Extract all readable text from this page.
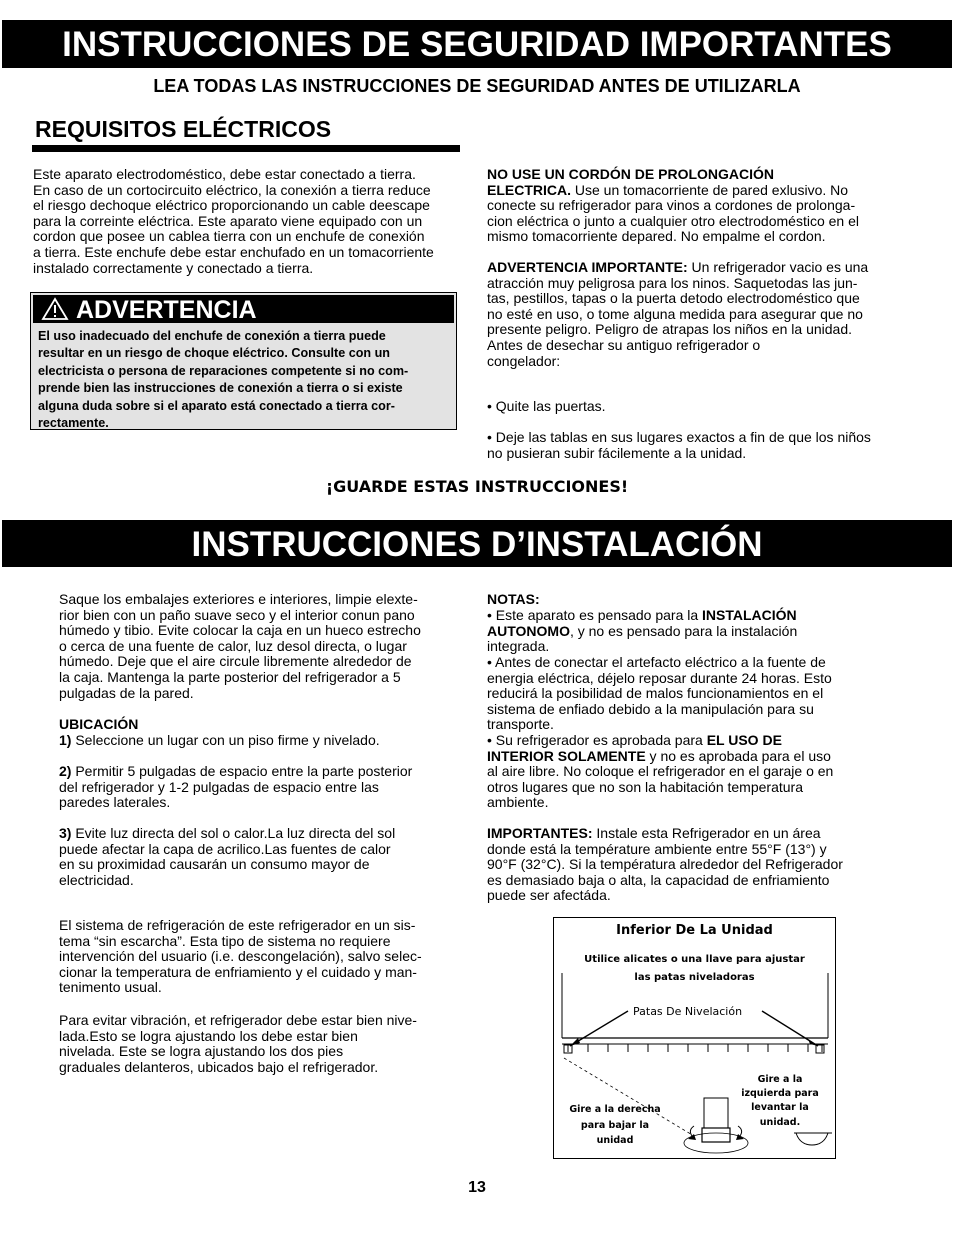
INSTRUCCIONES DE SEGURIDAD IMPORTANTES
LEA TODAS LAS INSTRUCCIONES DE SEGURIDAD ANTES DE UTILIZARLA
REQUISITOS ELÉCTRICOS
Este aparato electrodoméstico, debe estar conectado a tierra.
En caso de un cortocircuito eléctrico, la conexión a tierra reduce
el riesgo dechoque eléctrico proporcionando un cable deescape
para la correinte eléctrica. Este aparato viene equipado con un
cordon que posee un cablea tierra con un enchufe de conexión
a tierra. Este enchufe debe estar enchufado en un tomacorriente
instalado correctamente y conectado a tierra.
ADVERTENCIA
El uso inadecuado del enchufe de conexión a tierra puede
resultar en un riesgo de choque eléctrico. Consulte con un
electricista o persona de reparaciones competente si no com-
prende bien las instrucciones de conexión a tierra o si existe
alguna duda sobre si el aparato está conectado a tierra cor-
rectamente.
NO USE UN CORDÓN DE PROLONGACIÓN
ELECTRICA. Use un tomacorriente de pared exlusivo. No
conecte su refrigerador para vinos a cordones de prolonga-
cion eléctrica o junto a cualquier otro electrodoméstico en el
mismo tomacorriente depared. No empalme el cordon.
ADVERTENCIA IMPORTANTE: Un refrigerador vacio es una
atracción muy peligrosa para los ninos. Saquetodas las jun-
tas, pestillos, tapas o la puerta detodo electrodoméstico que
no esté en uso, o tome alguna medida para asegurar que no
presente peligro. Peligro de atrapas los niños en la unidad.
Antes de desechar su antiguo refrigerador o
congelador:
• Quite las puertas.
• Deje las tablas en sus lugares exactos a fin de que los niños
no pusieran subir fácilemente a la unidad.
¡GUARDE ESTAS INSTRUCCIONES!
INSTRUCCIONES D’INSTALACIÓN
Saque los embalajes exteriores e interiores, limpie elexte-
rior bien con un paño suave seco y el interior conun pano
húmedo y tibio. Evite colocar la caja en un hueco estrecho
o cerca de una fuente de calor, luz desol directa, o lugar
húmedo. Deje que el aire circule libremente alrededor de
la caja. Mantenga la parte posterior del refrigerador a 5
pulgadas de la pared.
UBICACIÓN
1) Seleccione un lugar con un piso firme y nivelado.
2) Permitir 5 pulgadas de espacio entre la parte posterior
del refrigerador y 1-2 pulgadas de espacio entre las
paredes laterales.
3) Evite luz directa del sol o calor.La luz directa del sol
puede afectar la capa de acrilico.Las fuentes de calor
en su proximidad causarán un consumo mayor de
electricidad.
El sistema de refrigeración de este refrigerador en un sis-
tema “sin escarcha”. Esta tipo de sistema no requiere
intervención del usuario (i.e. descongelación), salvo selec-
cionar la temperatura de enfriamiento y el cuidado y man-
tenimento usual.
Para evitar vibración, et refrigerador debe estar bien nive-
lada.Esto se logra ajustando los debe estar bien
nivelada. Este se logra ajustando los dos pies
graduales delanteros, ubicados bajo el refrigerador.
NOTAS:
• Este aparato es pensado para la INSTALACIÓN
AUTONOMO, y no es pensado para la instalación
integrada.
• Antes de conectar el artefacto eléctrico a la fuente de
energia eléctrica, déjelo reposar durante 24 horas. Esto
reducirá la posibilidad de malos funcionamientos en el
sistema de enfiado debido a la manipulación para su
transporte.
• Su refrigerador es aprobada para EL USO DE
INTERIOR SOLAMENTE y no es aprobada para el uso
al aire libre. No coloque el refrigerador en el garaje o en
otros lugares que no son la habitación temperatura
ambiente.
IMPORTANTES: Instale esta Refrigerador en un área
donde está la température ambiente entre 55°F (13°) y
90°F (32°C). Si la températura alrededor del Refrigerador
es demasiado baja o alta, la capacidad de enfriamiento
puede ser afectáda.
Inferior De La Unidad
Utilice alicates o una llave para ajustar
las patas niveladoras
Patas De Nivelación
Gire a la derecha
para bajar la
unidad
Gire a la
izquierda para
levantar la
unidad.
13
